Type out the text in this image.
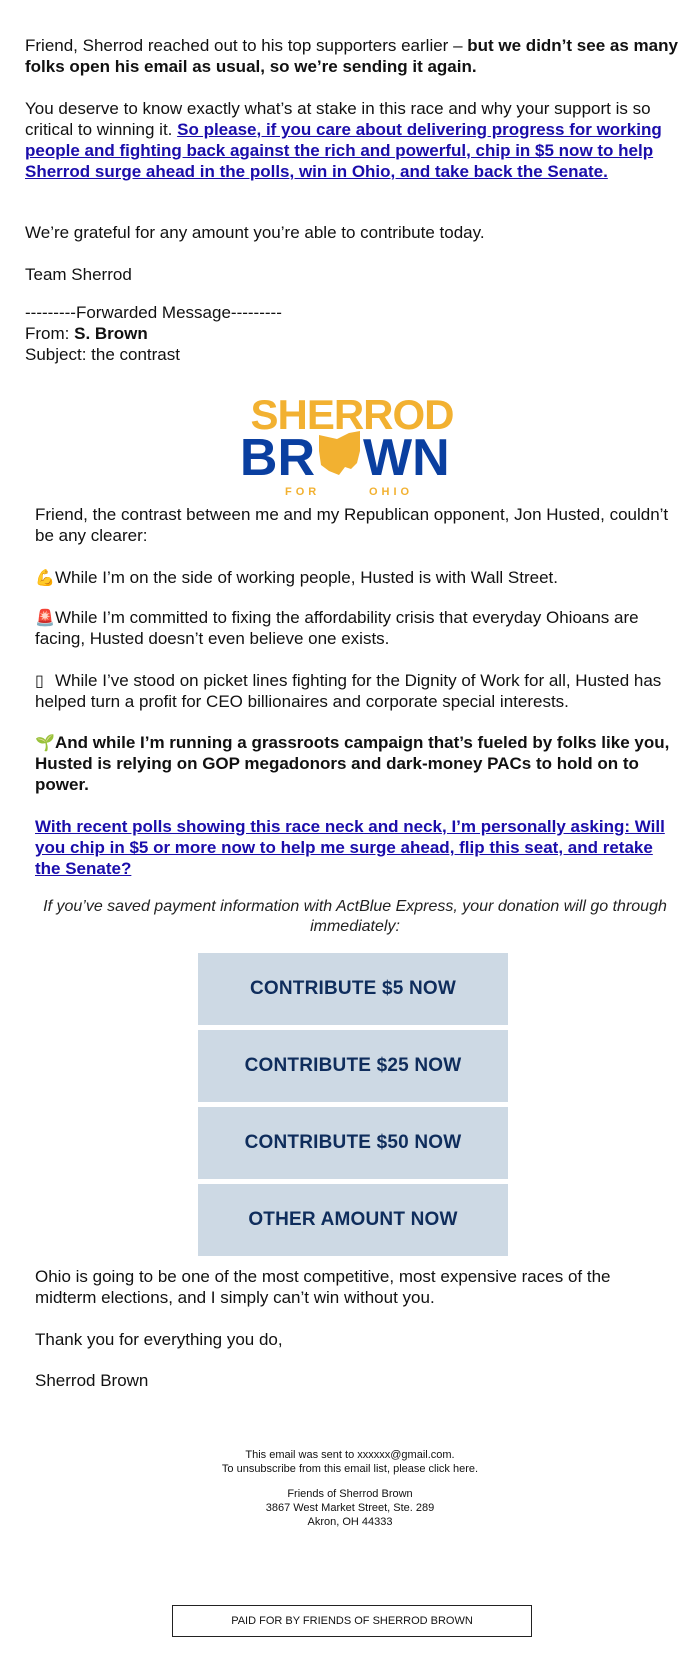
Friend, Sherrod reached out to his top supporters earlier – but we didn’t see as many folks open his email as usual, so we’re sending it again.

You deserve to know exactly what’s at stake in this race and why your support is so critical to winning it. So please, if you care about delivering progress for working people and fighting back against the rich and powerful, chip in $5 now to help Sherrod surge ahead in the polls, win in Ohio, and take back the Senate.

We’re grateful for any amount you’re able to contribute today.

Team Sherrod

---------Forwarded Message---------

From: S. Brown

Subject: the contrast

SHERROD
BR WN
FOR	OHIO

Friend, the contrast between me and my Republican opponent, Jon Husted, couldn’t be any clearer:

💪While I’m on the side of working people, Husted is with Wall Street.

🚨While I’m committed to fixing the affordability crisis that everyday Ohioans are facing, Husted doesn’t even believe one exists.

▯ While I’ve stood on picket lines fighting for the Dignity of Work for all, Husted has helped turn a profit for CEO billionaires and corporate special interests.

🌱And while I’m running a grassroots campaign that’s fueled by folks like you, Husted is relying on GOP megadonors and dark-money PACs to hold on to power.

With recent polls showing this race neck and neck, I’m personally asking: Will you chip in $5 or more now to help me surge ahead, flip this seat, and retake the Senate?

If you’ve saved payment information with ActBlue Express, your donation will go through immediately:

CONTRIBUTE $5 NOW
CONTRIBUTE $25 NOW
CONTRIBUTE $50 NOW
OTHER AMOUNT NOW

Ohio is going to be one of the most competitive, most expensive races of the midterm elections, and I simply can’t win without you.

Thank you for everything you do,

Sherrod Brown

This email was sent to xxxxxx@gmail.com.
To unsubscribe from this email list, please click here.
Friends of Sherrod Brown
3867 West Market Street, Ste. 289
Akron, OH 44333
PAID FOR BY FRIENDS OF SHERROD BROWN
